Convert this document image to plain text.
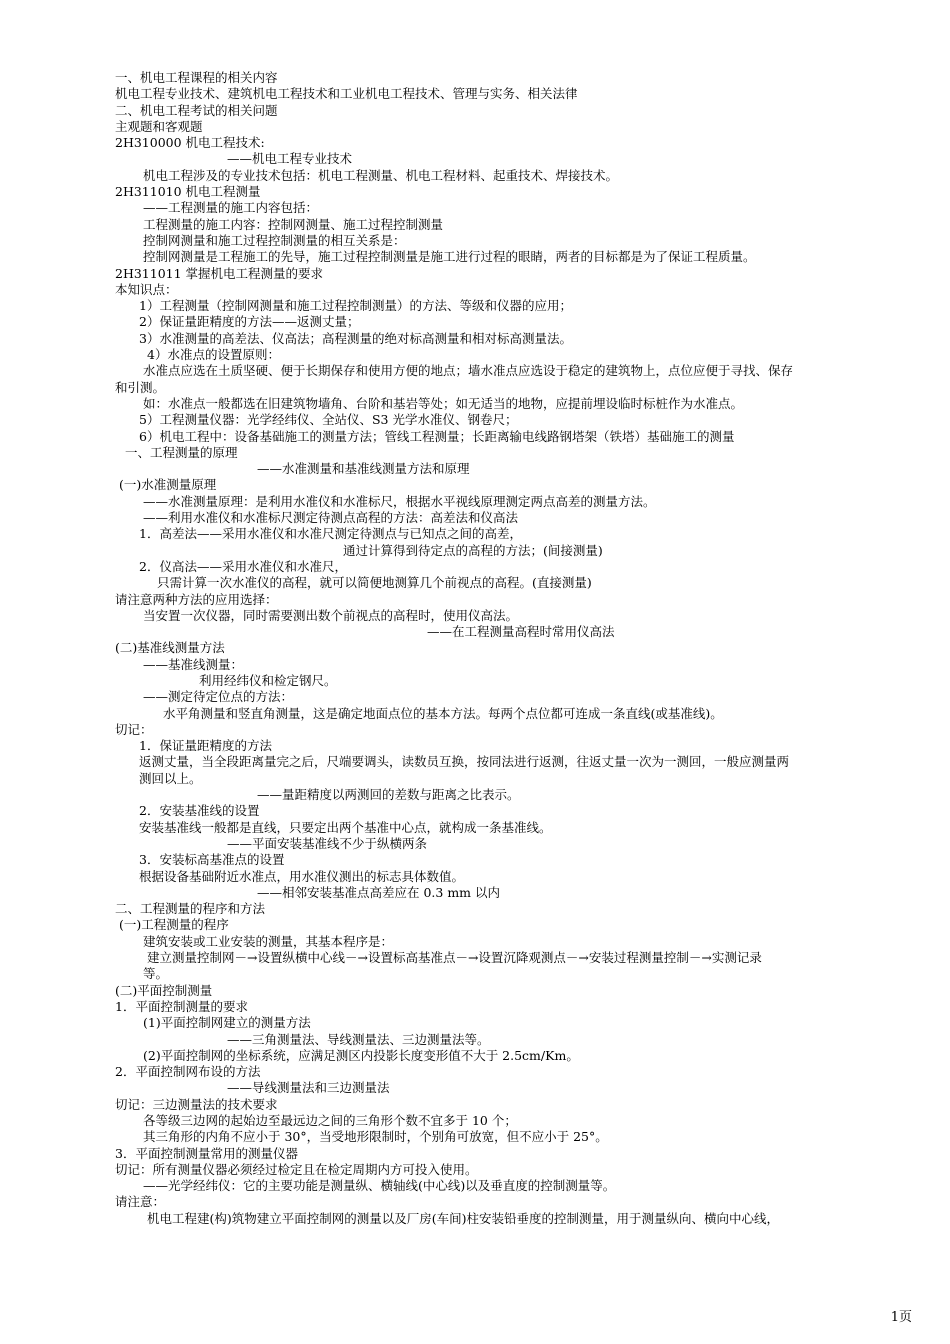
一、机电工程课程的相关内容
机电工程专业技术、建筑机电工程技术和工业机电工程技术、管理与实务、相关法律
二、机电工程考试的相关问题
主观题和客观题
2H310000 机电工程技术:
——机电工程专业技术
机电工程涉及的专业技术包括：机电工程测量、机电工程材料、起重技术、焊接技术。
2H311010 机电工程测量
——工程测量的施工内容包括：
工程测量的施工内容：控制网测量、施工过程控制测量
控制网测量和施工过程控制测量的相互关系是：
控制网测量是工程施工的先导，施工过程控制测量是施工进行过程的眼睛，两者的目标都是为了保证工程质量。
2H311011 掌握机电工程测量的要求
本知识点：
1）工程测量（控制网测量和施工过程控制测量）的方法、等级和仪器的应用；
2）保证量距精度的方法——返测丈量；
3）水准测量的高差法、仪高法；高程测量的绝对标高测量和相对标高测量法。
4）水准点的设置原则：
水准点应选在土质坚硬、便于长期保存和使用方便的地点；墙水准点应选设于稳定的建筑物上，点位应便于寻找、保存
和引测。
如：水准点一般都选在旧建筑物墙角、台阶和基岩等处；如无适当的地物，应提前埋设临时标桩作为水准点。
5）工程测量仪器：光学经纬仪、全站仪、S3 光学水准仪、钢卷尺；
6）机电工程中：设备基础施工的测量方法；管线工程测量；长距离输电线路钢塔架（铁塔）基础施工的测量
一、工程测量的原理
——水准测量和基准线测量方法和原理
(一)水准测量原理
——水准测量原理：是利用水准仪和水准标尺，根据水平视线原理测定两点高差的测量方法。
——利用水准仪和水准标尺测定待测点高程的方法：高差法和仪高法
1．高差法——采用水准仪和水准尺测定待测点与已知点之间的高差，
通过计算得到待定点的高程的方法；(间接测量)
2．仪高法——采用水准仪和水准尺，
只需计算一次水准仪的高程，就可以简便地测算几个前视点的高程。(直接测量)
请注意两种方法的应用选择：
当安置一次仪器，同时需要测出数个前视点的高程时，使用仪高法。
——在工程测量高程时常用仪高法
(二)基准线测量方法
——基准线测量：
利用经纬仪和检定钢尺。
——测定待定位点的方法：
水平角测量和竖直角测量，这是确定地面点位的基本方法。每两个点位都可连成一条直线(或基准线)。
切记：
1．保证量距精度的方法
返测丈量，当全段距离量完之后，尺端要调头，读数员互换，按同法进行返测，往返丈量一次为一测回，一般应测量两
测回以上。
——量距精度以两测回的差数与距离之比表示。
2．安装基准线的设置
安装基准线一般都是直线，只要定出两个基准中心点，就构成一条基准线。
——平面安装基准线不少于纵横两条
3．安装标高基准点的设置
根据设备基础附近水准点，用水准仪测出的标志具体数值。
——相邻安装基准点高差应在 0.3 mm 以内
二、工程测量的程序和方法
(一)工程测量的程序
建筑安装或工业安装的测量，其基本程序是：
建立测量控制网－→设置纵横中心线－→设置标高基准点－→设置沉降观测点－→安装过程测量控制－→实测记录
等。
(二)平面控制测量
1．平面控制测量的要求
(1)平面控制网建立的测量方法
——三角测量法、导线测量法、三边测量法等。
(2)平面控制网的坐标系统，应满足测区内投影长度变形值不大于 2.5cm/Km。
2．平面控制网布设的方法
——导线测量法和三边测量法
切记：三边测量法的技术要求
各等级三边网的起始边至最远边之间的三角形个数不宜多于 10 个；
其三角形的内角不应小于 30°，当受地形限制时，个别角可放宽，但不应小于 25°。
3．平面控制测量常用的测量仪器
切记：所有测量仪器必须经过检定且在检定周期内方可投入使用。
——光学经纬仪：它的主要功能是测量纵、横轴线(中心线)以及垂直度的控制测量等。
请注意：
机电工程建(构)筑物建立平面控制网的测量以及厂房(车间)柱安装铅垂度的控制测量，用于测量纵向、横向中心线，
1页
